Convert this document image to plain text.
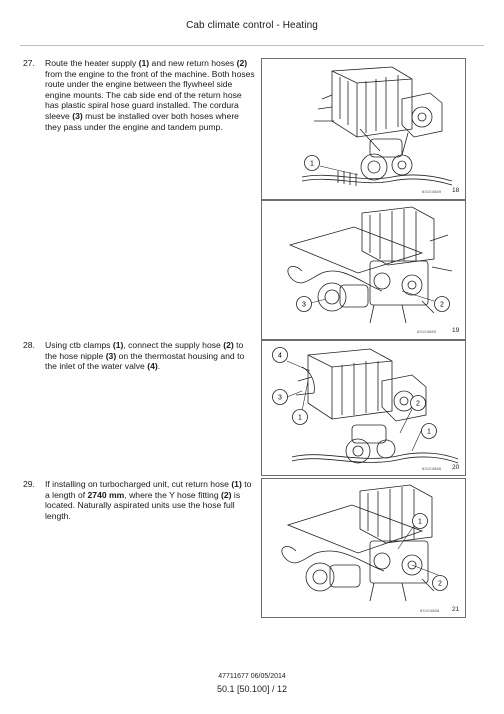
Cab climate control - Heating
27. Route the heater supply (1) and new return hoses (2) from the engine to the front of the machine. Both hoses route under the engine between the flywheel side engine mounts. The cab side end of the return hose has plastic spiral hose guard installed. The cordura sleeve (3) must be installed over both hoses where they pass under the engine and tandem pump.
28. Using ctb clamps (1), connect the supply hose (2) to the hose nipple (3) on the thermostat housing and to the inlet of the water valve (4).
29. If installing on turbocharged unit, cut return hose (1) to a length of 2740 mm, where the Y hose fitting (2) is located. Naturally aspirated units use the hose full length.
1
83104889 18
3	2
83104885 19
4
3
1
2
1
83104886 20
1
2
83104888 21
47711677 06/05/2014
50.1 [50.100] / 12
